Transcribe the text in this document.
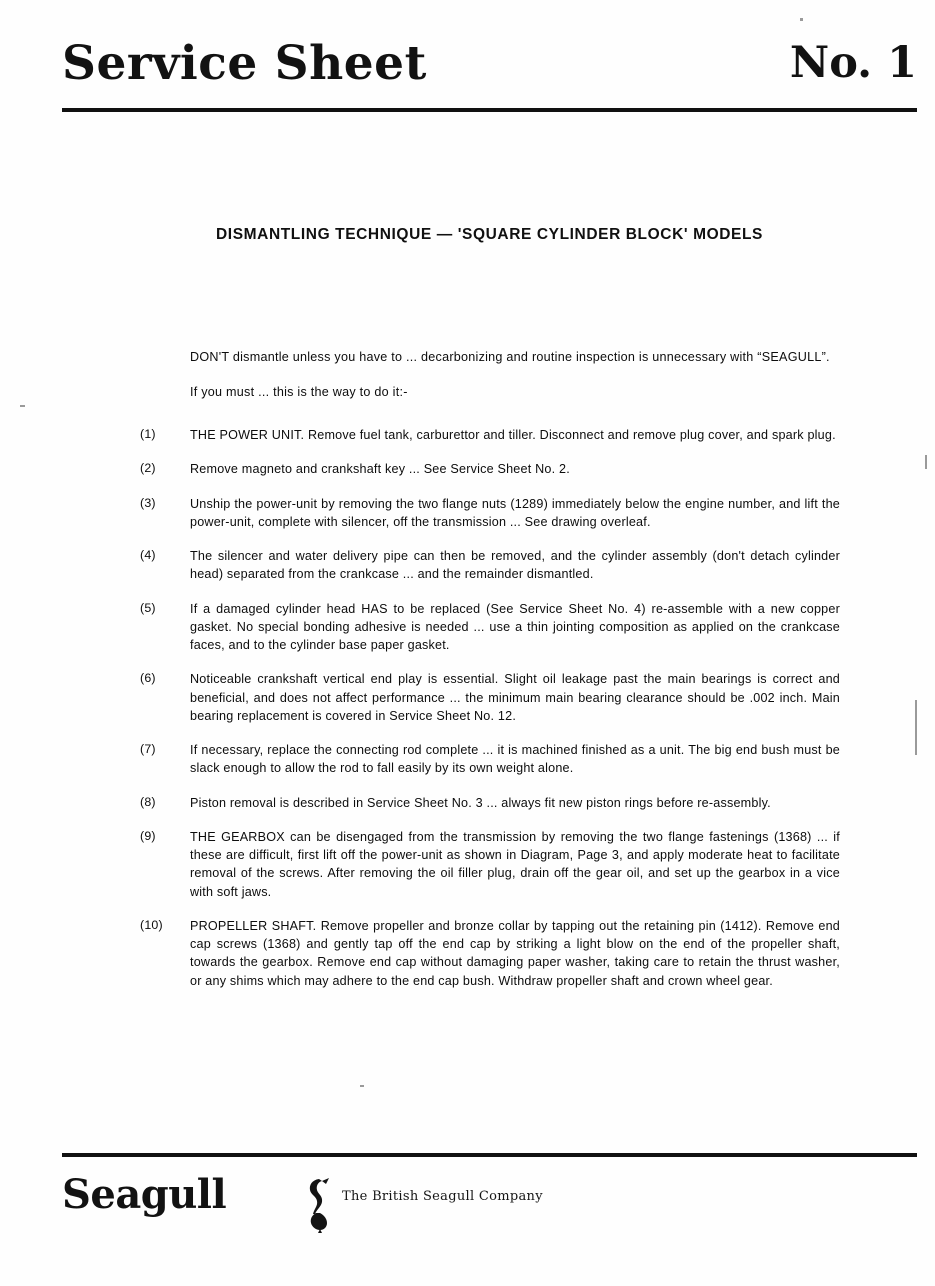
Service Sheet	No. 1
DISMANTLING TECHNIQUE — 'SQUARE CYLINDER BLOCK' MODELS

DON'T dismantle unless you have to ... decarbonizing and routine inspection is unnecessary with “SEAGULL”.

If you must ... this is the way to do it:-

(1)	THE POWER UNIT. Remove fuel tank, carburettor and tiller. Disconnect and remove plug cover, and spark plug.
(2)	Remove magneto and crankshaft key ... See Service Sheet No. 2.
(3)	Unship the power-unit by removing the two flange nuts (1289) immediately below the engine number, and lift the power-unit, complete with silencer, off the transmission ... See drawing overleaf.
(4)	The silencer and water delivery pipe can then be removed, and the cylinder assembly (don't detach cylinder head) separated from the crankcase ... and the remainder dismantled.
(5)	If a damaged cylinder head HAS to be replaced (See Service Sheet No. 4) re-assemble with a new copper gasket. No special bonding adhesive is needed ... use a thin jointing composition as applied on the crankcase faces, and to the cylinder base paper gasket.
(6)	Noticeable crankshaft vertical end play is essential. Slight oil leakage past the main bearings is correct and beneficial, and does not affect performance ... the minimum main bearing clearance should be .002 inch. Main bearing replacement is covered in Service Sheet No. 12.
(7)	If necessary, replace the connecting rod complete ... it is machined finished as a unit. The big end bush must be slack enough to allow the rod to fall easily by its own weight alone.
(8)	Piston removal is described in Service Sheet No. 3 ... always fit new piston rings before re-assembly.
(9)	THE GEARBOX can be disengaged from the transmission by removing the two flange fastenings (1368) ... if these are difficult, first lift off the power-unit as shown in Diagram, Page 3, and apply moderate heat to facilitate removal of the screws. After removing the oil filler plug, drain off the gear oil, and set up the gearbox in a vice with soft jaws.
(10)	PROPELLER SHAFT. Remove propeller and bronze collar by tapping out the retaining pin (1412). Remove end cap screws (1368) and gently tap off the end cap by striking a light blow on the end of the propeller shaft, towards the gearbox. Remove end cap without damaging paper washer, taking care to retain the thrust washer, or any shims which may adhere to the end cap bush. Withdraw propeller shaft and crown wheel gear.
Seagull	The British Seagull Company
